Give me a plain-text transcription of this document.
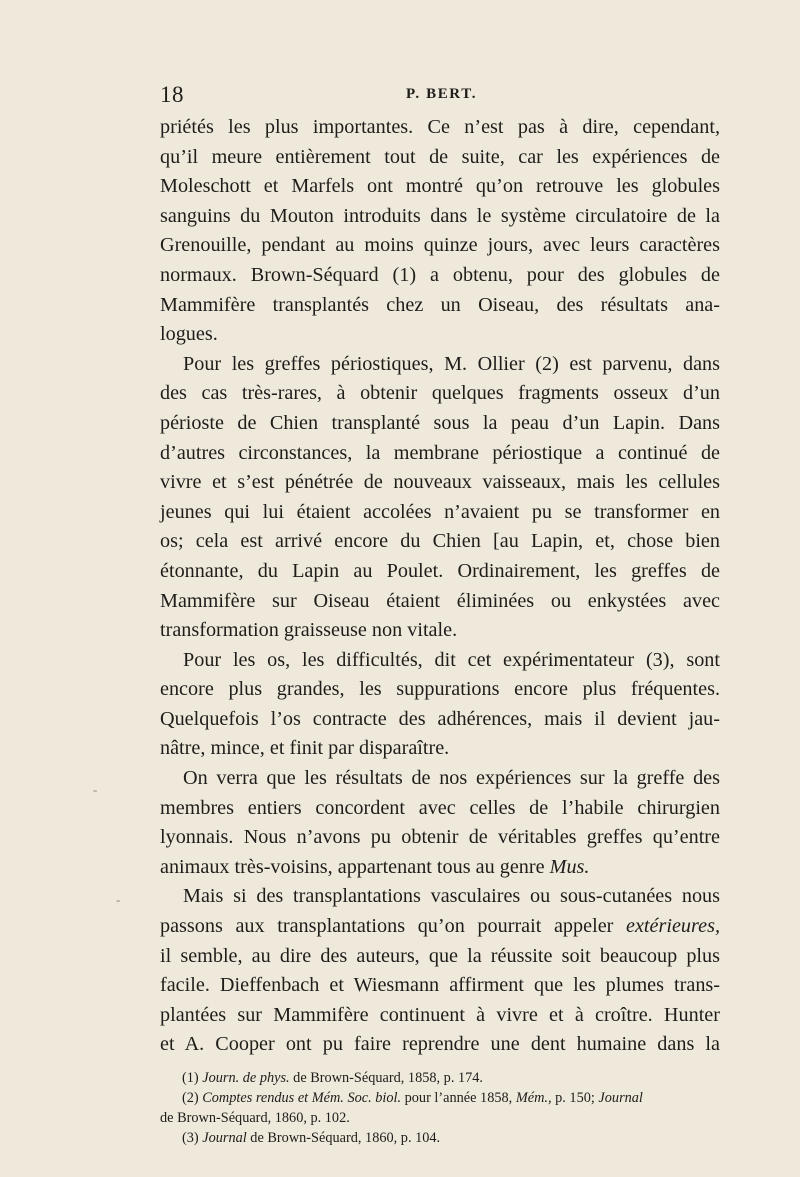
18	P. BERT.
priétés les plus importantes. Ce n’est pas à dire, cependant,
qu’il meure entièrement tout de suite, car les expériences de
Moleschott et Marfels ont montré qu’on retrouve les globules
sanguins du Mouton introduits dans le système circulatoire de la
Grenouille, pendant au moins quinze jours, avec leurs caractères
normaux. Brown-Séquard (1) a obtenu, pour des globules de
Mammifère transplantés chez un Oiseau, des résultats ana-
logues.
Pour les greffes périostiques, M. Ollier (2) est parvenu, dans
des cas très-rares, à obtenir quelques fragments osseux d’un
périoste de Chien transplanté sous la peau d’un Lapin. Dans
d’autres circonstances, la membrane périostique a continué de
vivre et s’est pénétrée de nouveaux vaisseaux, mais les cellules
jeunes qui lui étaient accolées n’avaient pu se transformer en
os; cela est arrivé encore du Chien [au Lapin, et, chose bien
étonnante, du Lapin au Poulet. Ordinairement, les greffes de
Mammifère sur Oiseau étaient éliminées ou enkystées avec
transformation graisseuse non vitale.
Pour les os, les difficultés, dit cet expérimentateur (3), sont
encore plus grandes, les suppurations encore plus fréquentes.
Quelquefois l’os contracte des adhérences, mais il devient jau-
nâtre, mince, et finit par disparaître.
On verra que les résultats de nos expériences sur la greffe des
membres entiers concordent avec celles de l’habile chirurgien
lyonnais. Nous n’avons pu obtenir de véritables greffes qu’entre
animaux très-voisins, appartenant tous au genre Mus.
Mais si des transplantations vasculaires ou sous-cutanées nous
passons aux transplantations qu’on pourrait appeler extérieures,
il semble, au dire des auteurs, que la réussite soit beaucoup plus
facile. Dieffenbach et Wiesmann affirment que les plumes trans-
plantées sur Mammifère continuent à vivre et à croître. Hunter
et A. Cooper ont pu faire reprendre une dent humaine dans la
(1) Journ. de phys. de Brown-Séquard, 1858, p. 174.
(2) Comptes rendus et Mém. Soc. biol. pour l’année 1858, Mém., p. 150; Journal
de Brown-Séquard, 1860, p. 102.
(3) Journal de Brown-Séquard, 1860, p. 104.
-
-
